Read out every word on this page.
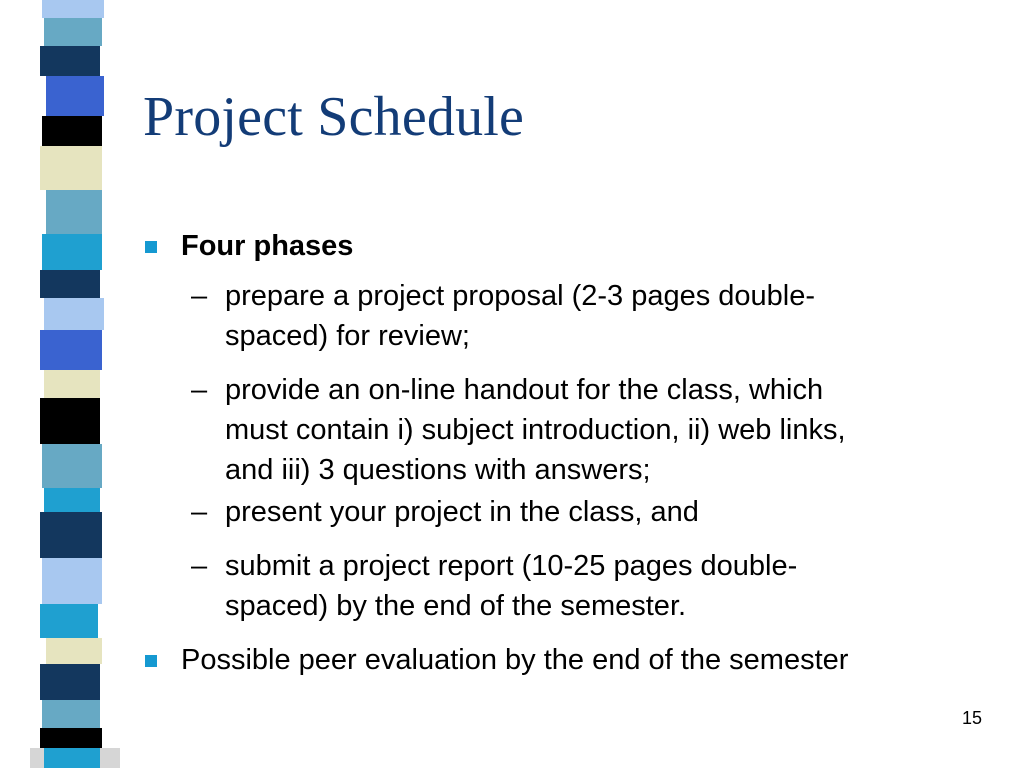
Project Schedule
Four phases
– prepare a project proposal (2-3 pages double-spaced) for review;
– provide an on-line handout for the class, which must contain i) subject introduction, ii) web links, and iii) 3 questions with answers;
– present your project in the class, and
– submit a project report (10-25 pages double-spaced) by the end of the semester.
Possible peer evaluation by the end of the semester
15
